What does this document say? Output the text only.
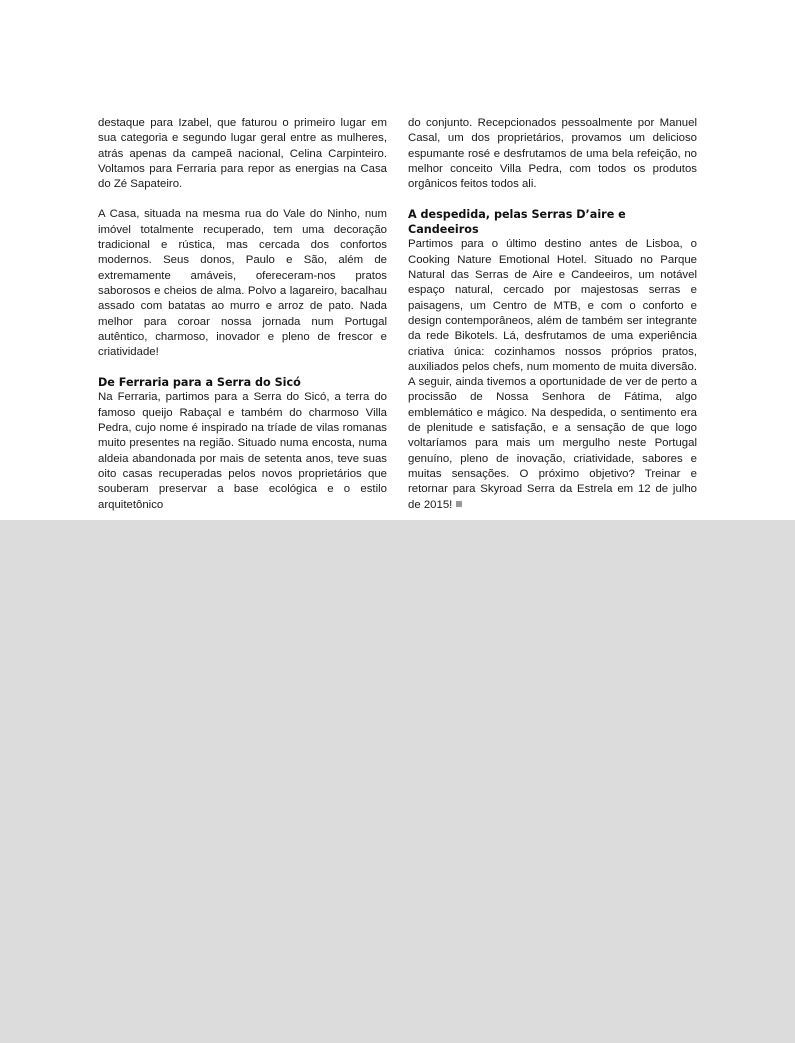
destaque para Izabel, que faturou o primeiro lugar em sua categoria e segundo lugar geral entre as mulheres, atrás apenas da campeã nacional, Celina Carpinteiro. Voltamos para Ferraria para repor as energias na Casa do Zé Sapateiro.

A Casa, situada na mesma rua do Vale do Ninho, num imóvel totalmente recuperado, tem uma decoração tradicional e rústica, mas cercada dos confortos modernos. Seus donos, Paulo e São, além de extremamente amáveis, ofereceram-nos pratos saborosos e cheios de alma. Polvo a lagareiro, bacalhau assado com batatas ao murro e arroz de pato. Nada melhor para coroar nossa jornada num Portugal autêntico, charmoso, inovador e pleno de frescor e criatividade!

De Ferraria para a Serra do Sicó

Na Ferraria, partimos para a Serra do Sicó, a terra do famoso queijo Rabaçal e também do charmoso Villa Pedra, cujo nome é inspirado na tríade de vilas romanas muito presentes na região. Situado numa encosta, numa aldeia abandonada por mais de setenta anos, teve suas oito casas recuperadas pelos novos proprietários que souberam preservar a base ecológica e o estilo arquitetônico

do conjunto. Recepcionados pessoalmente por Manuel Casal, um dos proprietários, provamos um delicioso espumante rosé e desfrutamos de uma bela refeição, no melhor conceito Villa Pedra, com todos os produtos orgânicos feitos todos ali.

A despedida, pelas Serras D’aire e Candeeiros

Partimos para o último destino antes de Lisboa, o Cooking Nature Emotional Hotel. Situado no Parque Natural das Serras de Aire e Candeeiros, um notável espaço natural, cercado por majestosas serras e paisagens, um Centro de MTB, e com o conforto e design contemporâneos, além de também ser integrante da rede Bikotels. Lá, desfrutamos de uma experiência criativa única: cozinhamos nossos próprios pratos, auxiliados pelos chefs, num momento de muita diversão. A seguir, ainda tivemos a oportunidade de ver de perto a procissão de Nossa Senhora de Fátima, algo emblemático e mágico. Na despedida, o sentimento era de plenitude e satisfação, e a sensação de que logo voltaríamos para mais um mergulho neste Portugal genuíno, pleno de inovação, criatividade, sabores e muitas sensações. O próximo objetivo? Treinar e retornar para Skyroad Serra da Estrela em 12 de julho de 2015!
